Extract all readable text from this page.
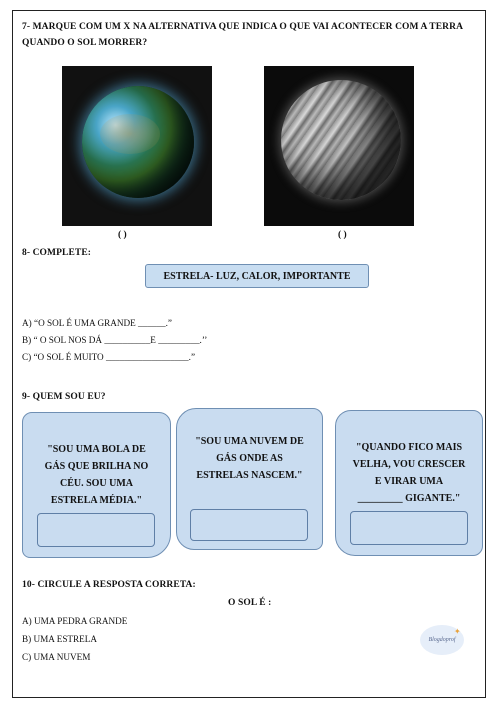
7- MARQUE COM UM X NA ALTERNATIVA QUE INDICA O QUE VAI ACONTECER COM A TERRA
QUANDO O SOL MORRER?
( )	( )
8- COMPLETE:
ESTRELA- LUZ, CALOR, IMPORTANTE
A) “O SOL É UMA GRANDE ______.”
B) “ O SOL NOS DÁ __________E _________.’’
C) “O SOL É MUITO __________________.”
9- QUEM SOU EU?
"SOU UMA BOLA DE
GÁS QUE BRILHA NO
CÉU. SOU UMA
ESTRELA MÉDIA."
"SOU UMA NUVEM DE
GÁS ONDE AS
ESTRELAS NASCEM."
"QUANDO FICO MAIS
VELHA, VOU CRESCER
E VIRAR UMA
_________ GIGANTE."
10- CIRCULE A RESPOSTA CORRETA:
O SOL É :
A) UMA PEDRA GRANDE
B) UMA ESTRELA
C) UMA NUVEM
Blogdoprof
✦
